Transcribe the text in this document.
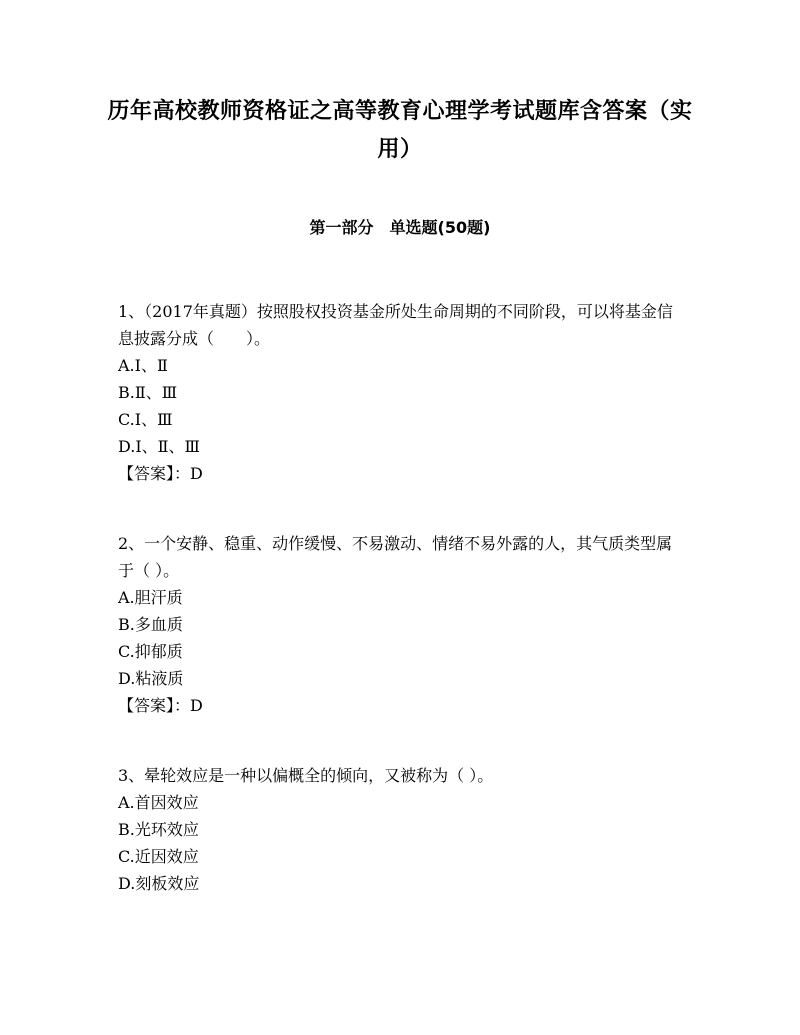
历年高校教师资格证之高等教育心理学考试题库含答案（实用）
第一部分　单选题(50题)

1、（2017年真题）按照股权投资基金所处生命周期的不同阶段，可以将基金信息披露分成（　　）。

A.Ⅰ、Ⅱ

B.Ⅱ、Ⅲ

C.Ⅰ、Ⅲ

D.Ⅰ、Ⅱ、Ⅲ

【答案】：D

2、一个安静、稳重、动作缓慢、不易激动、情绪不易外露的人，其气质类型属于（ ）。

A.胆汗质

B.多血质

C.抑郁质

D.粘液质

【答案】：D

3、晕轮效应是一种以偏概全的倾向，又被称为（ ）。

A.首因效应

B.光环效应

C.近因效应

D.刻板效应
